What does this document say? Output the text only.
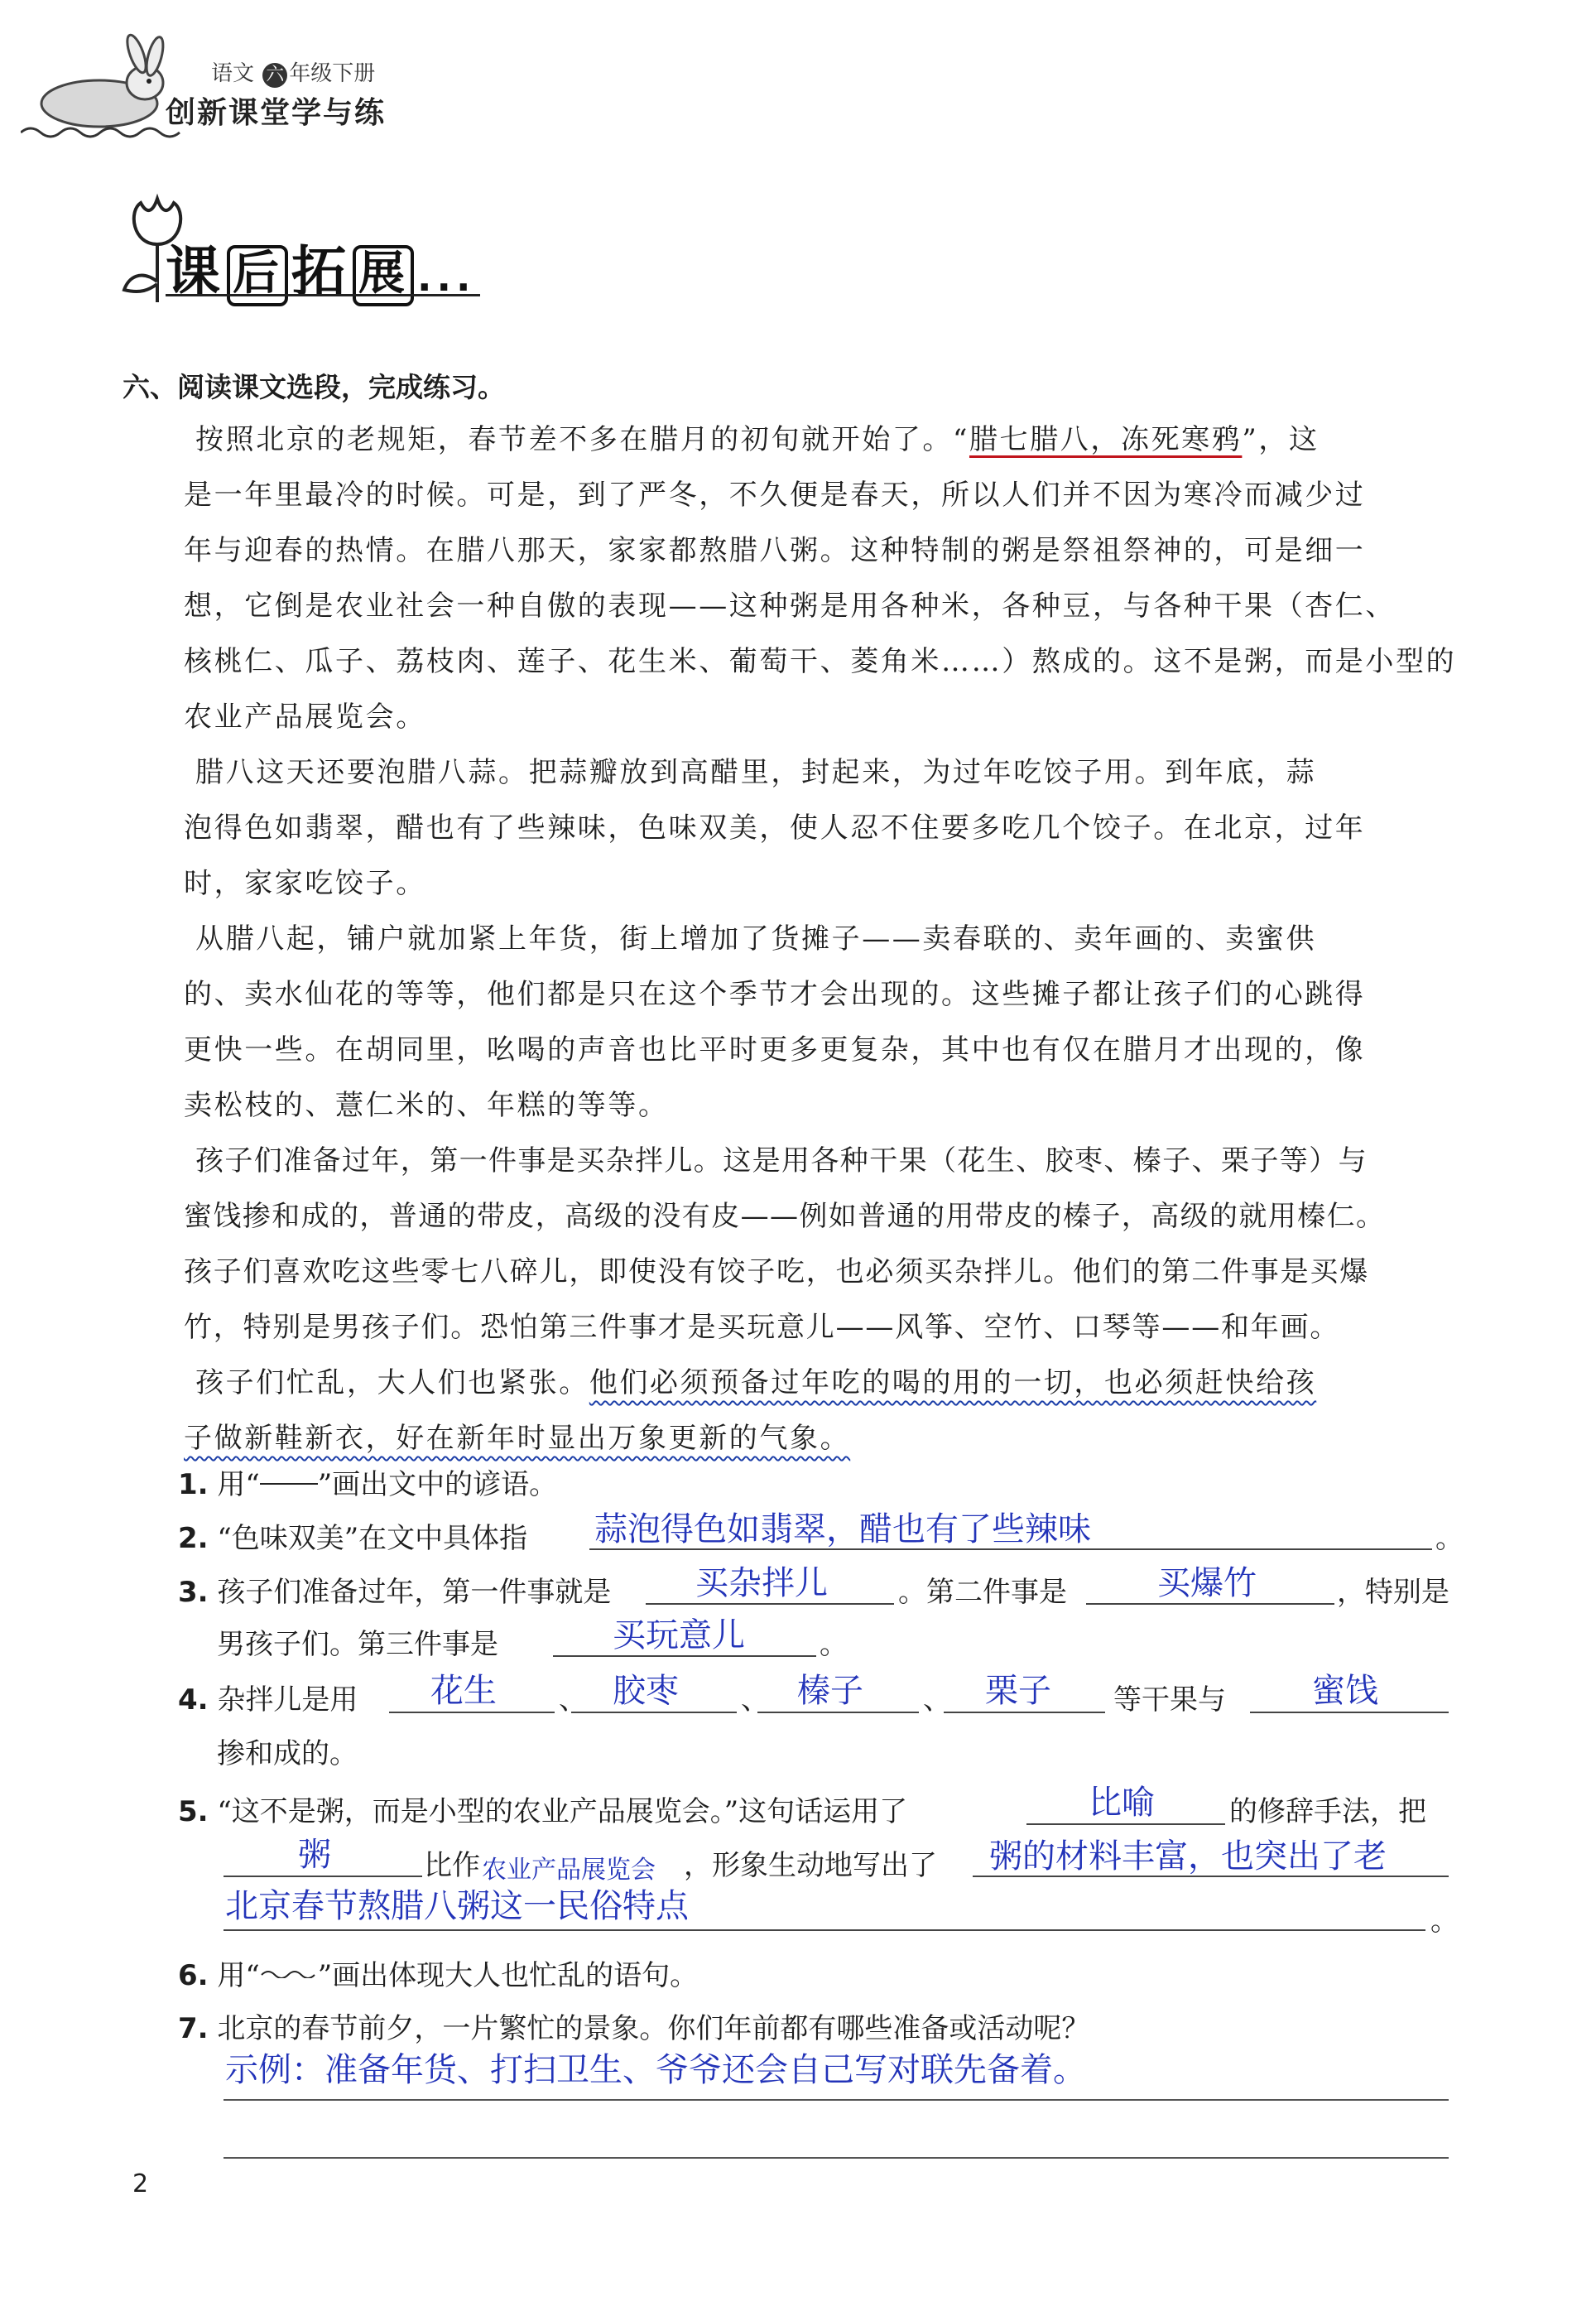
语文 六 年级下册
创新课堂学与练
课 后 拓 展 ...
六、阅读课文选段，完成练习。
按照北京的老规矩，春节差不多在腊月的初旬就开始了。“腊七腊八，冻死寒鸦”，这
是一年里最冷的时候。可是，到了严冬，不久便是春天，所以人们并不因为寒冷而减少过
年与迎春的热情。在腊八那天，家家都熬腊八粥。这种特制的粥是祭祖祭神的，可是细一
想，它倒是农业社会一种自傲的表现——这种粥是用各种米，各种豆，与各种干果（杏仁、
核桃仁、瓜子、荔枝肉、莲子、花生米、葡萄干、菱角米……）熬成的。这不是粥，而是小型的
农业产品展览会。
腊八这天还要泡腊八蒜。把蒜瓣放到高醋里，封起来，为过年吃饺子用。到年底，蒜
泡得色如翡翠，醋也有了些辣味，色味双美，使人忍不住要多吃几个饺子。在北京，过年
时，家家吃饺子。
从腊八起，铺户就加紧上年货，街上增加了货摊子——卖春联的、卖年画的、卖蜜供
的、卖水仙花的等等，他们都是只在这个季节才会出现的。这些摊子都让孩子们的心跳得
更快一些。在胡同里，吆喝的声音也比平时更多更复杂，其中也有仅在腊月才出现的，像
卖松枝的、薏仁米的、年糕的等等。
孩子们准备过年，第一件事是买杂拌儿。这是用各种干果（花生、胶枣、榛子、栗子等）与
蜜饯掺和成的，普通的带皮，高级的没有皮——例如普通的用带皮的榛子，高级的就用榛仁。
孩子们喜欢吃这些零七八碎儿，即使没有饺子吃，也必须买杂拌儿。他们的第二件事是买爆
竹，特别是男孩子们。恐怕第三件事才是买玩意儿——风筝、空竹、口琴等——和年画。
孩子们忙乱，大人们也紧张。他们必须预备过年吃的喝的用的一切，也必须赶快给孩
子做新鞋新衣，好在新年时显出万象更新的气象。
1. 用“ ”画出文中的谚语。
2. “色味双美”在文中具体指 蒜泡得色如翡翠，醋也有了些辣味	。
3. 孩子们准备过年，第一件事就是	买杂拌儿	。第二件事是	买爆竹	，特别是
男孩子们。第三件事是	买玩意儿	。
4. 杂拌儿是用 花生 、 胶枣 、 榛子 、 栗子 等干果与	蜜饯
掺和成的。
5. “这不是粥，而是小型的农业产品展览会。”这句话运用了	比喻	的修辞手法，把
粥	比作 农业产品展览会 ，形象生动地写出了 粥的材料丰富，也突出了老
北京春节熬腊八粥这一民俗特点	。
6. 用“ ”画出体现大人也忙乱的语句。
7. 北京的春节前夕，一片繁忙的景象。你们年前都有哪些准备或活动呢？
示例：准备年货、打扫卫生、爷爷还会自己写对联先备着。
2
